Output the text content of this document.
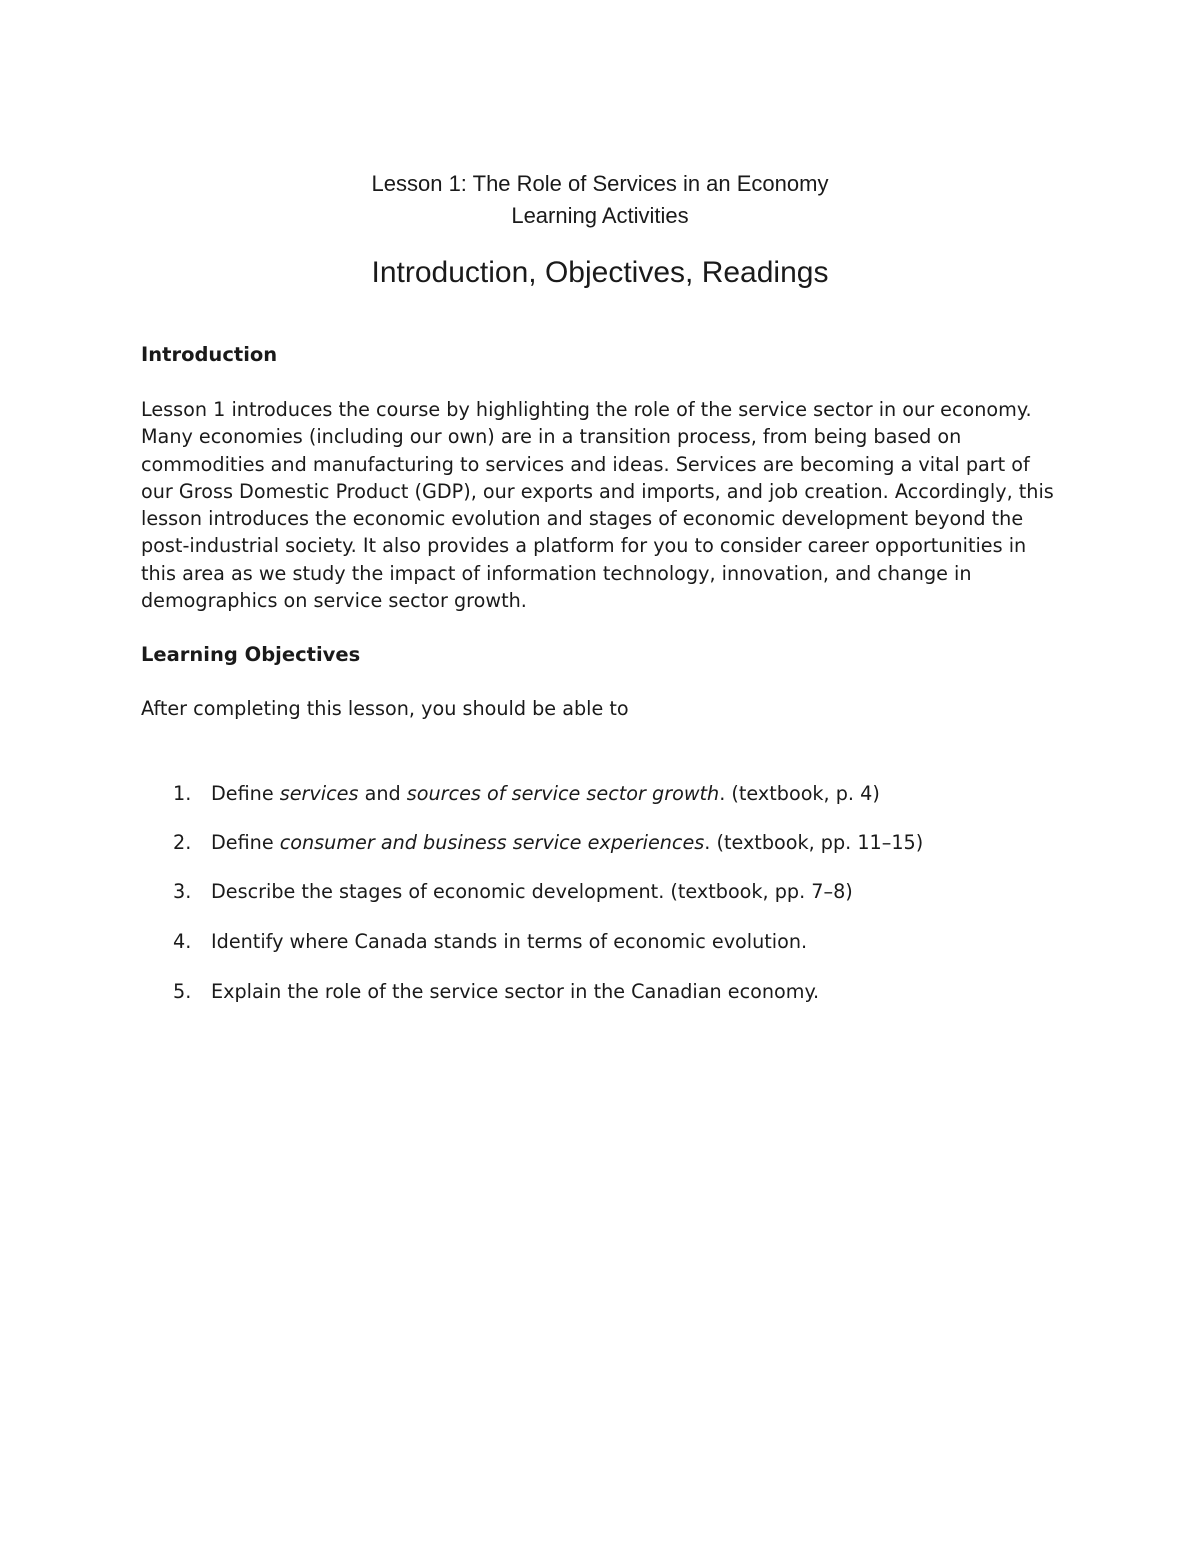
Lesson 1: The Role of Services in an Economy
Learning Activities
Introduction, Objectives, Readings
Introduction
Lesson 1 introduces the course by highlighting the role of the service sector in our economy. Many economies (including our own) are in a transition process, from being based on commodities and manufacturing to services and ideas. Services are becoming a vital part of our Gross Domestic Product (GDP), our exports and imports, and job creation. Accordingly, this lesson introduces the economic evolution and stages of economic development beyond the post-industrial society. It also provides a platform for you to consider career opportunities in this area as we study the impact of information technology, innovation, and change in demographics on service sector growth.
Learning Objectives
After completing this lesson, you should be able to
1. Define services and sources of service sector growth. (textbook, p. 4)
2. Define consumer and business service experiences. (textbook, pp. 11–15)
3. Describe the stages of economic development. (textbook, pp. 7–8)
4. Identify where Canada stands in terms of economic evolution.
5. Explain the role of the service sector in the Canadian economy.
